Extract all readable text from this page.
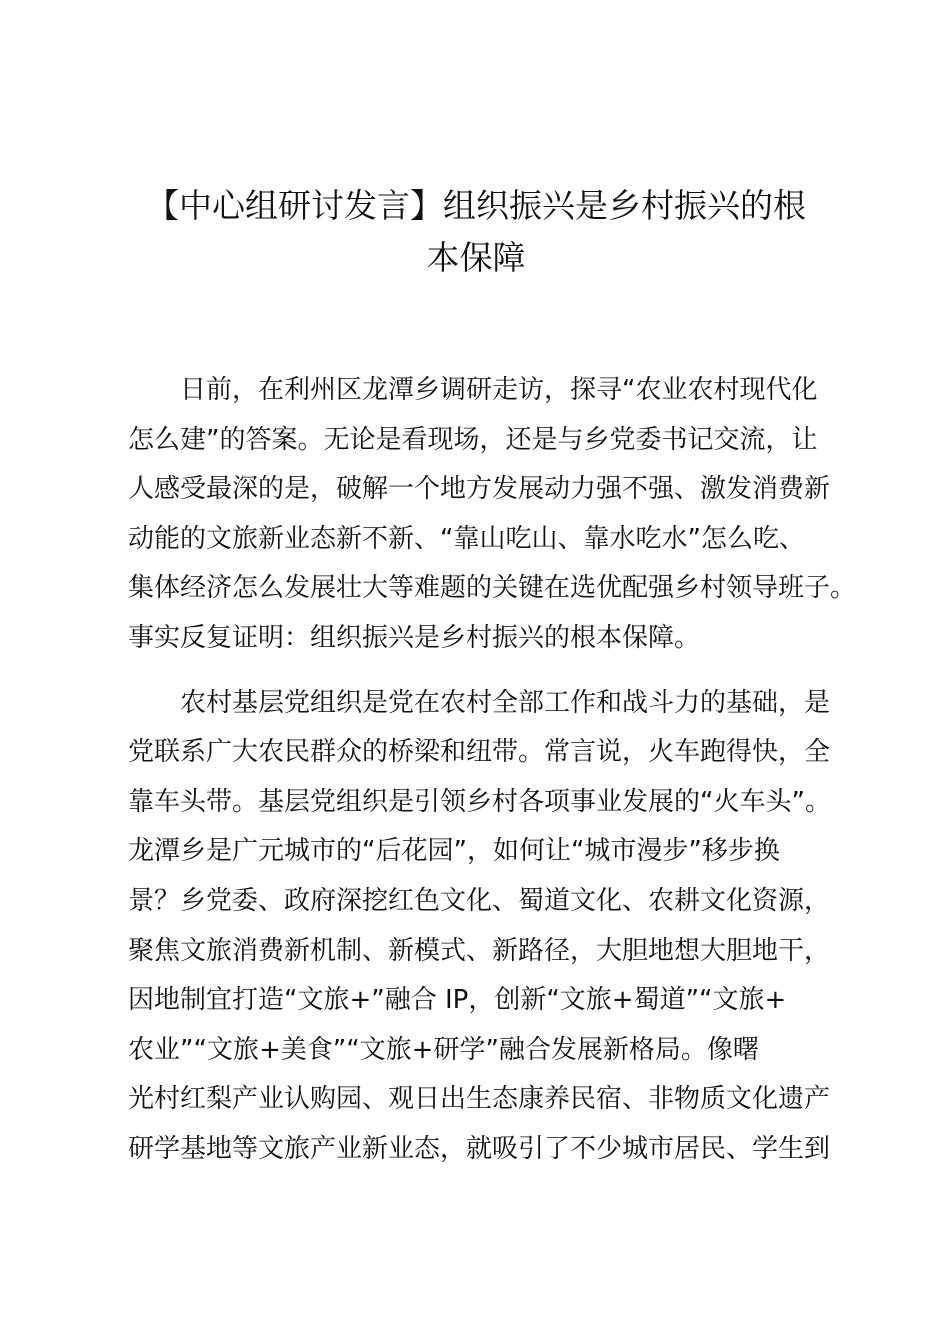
【中心组研讨发言】组织振兴是乡村振兴的根
本保障

日前，在利州区龙潭乡调研走访，探寻“农业农村现代化
怎么建”的答案。无论是看现场，还是与乡党委书记交流，让
人感受最深的是，破解一个地方发展动力强不强、激发消费新
动能的文旅新业态新不新、“靠山吃山、靠水吃水”怎么吃、
集体经济怎么发展壮大等难题的关键在选优配强乡村领导班子。
事实反复证明：组织振兴是乡村振兴的根本保障。

农村基层党组织是党在农村全部工作和战斗力的基础，是
党联系广大农民群众的桥梁和纽带。常言说，火车跑得快，全
靠车头带。基层党组织是引领乡村各项事业发展的“火车头”。
龙潭乡是广元城市的“后花园”，如何让“城市漫步”移步换
景？乡党委、政府深挖红色文化、蜀道文化、农耕文化资源，
聚焦文旅消费新机制、新模式、新路径，大胆地想大胆地干，
因地制宜打造“文旅+”融合 IP，创新“文旅+蜀道”“文旅+
农业”“文旅+美食”“文旅+研学”融合发展新格局。像曙
光村红梨产业认购园、观日出生态康养民宿、非物质文化遗产
研学基地等文旅产业新业态，就吸引了不少城市居民、学生到
